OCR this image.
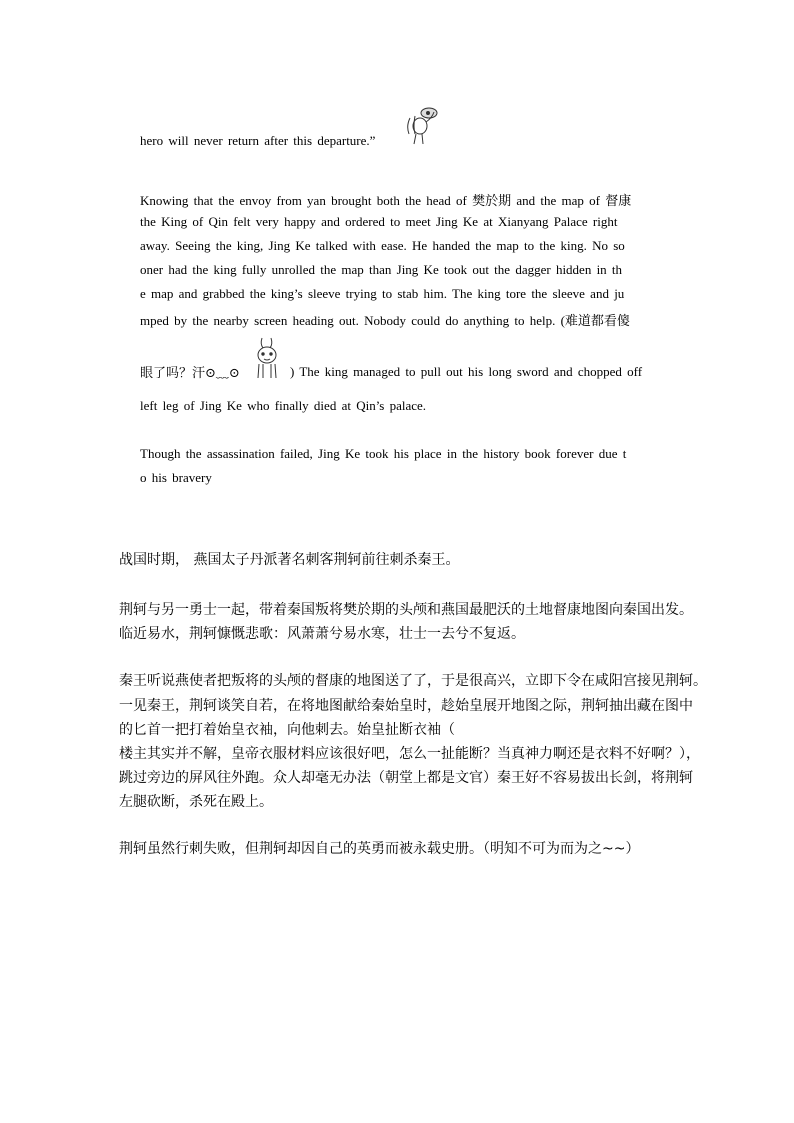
hero will never return after this departure.”
Knowing that the envoy from yan brought both the head of 樊於期 and the map of 督康
the King of Qin felt very happy and ordered to meet Jing Ke at Xianyang Palace right
away. Seeing the king, Jing Ke talked with ease. He handed the map to the king. No so
oner had the king fully unrolled the map than Jing Ke took out the dagger hidden in th
e map and grabbed the king’s sleeve trying to stab him. The king tore the sleeve and ju
mped by the nearby screen heading out. Nobody could do anything to help. (难道都看傻
眼了吗？汗⊙﹏⊙	) The king managed to pull out his long sword and chopped off
left leg of Jing Ke who finally died at Qin’s palace.
Though the assassination failed, Jing Ke took his place in the history book forever due t
o his bravery
战国时期， 燕国太子丹派著名刺客荆轲前往刺杀秦王。
荆轲与另一勇士一起，带着秦国叛将樊於期的头颅和燕国最肥沃的土地督康地图向秦国出发。
临近易水，荆轲慷慨悲歌：风萧萧兮易水寒，壮士一去兮不复返。
秦王听说燕使者把叛将的头颅的督康的地图送了了，于是很高兴，立即下令在咸阳宫接见荆轲。
一见秦王，荆轲谈笑自若，在将地图献给秦始皇时，趁始皇展开地图之际，荆轲抽出藏在图中
的匕首一把打着始皇衣袖，向他刺去。始皇扯断衣袖（
楼主其实并不解，皇帝衣服材料应该很好吧，怎么一扯能断？当真神力啊还是衣料不好啊？），
跳过旁边的屏风往外跑。众人却毫无办法（朝堂上都是文官）秦王好不容易拔出长剑，将荆轲
左腿砍断，杀死在殿上。
荆轲虽然行刺失败，但荆轲却因自己的英勇而被永载史册。（明知不可为而为之~~）
